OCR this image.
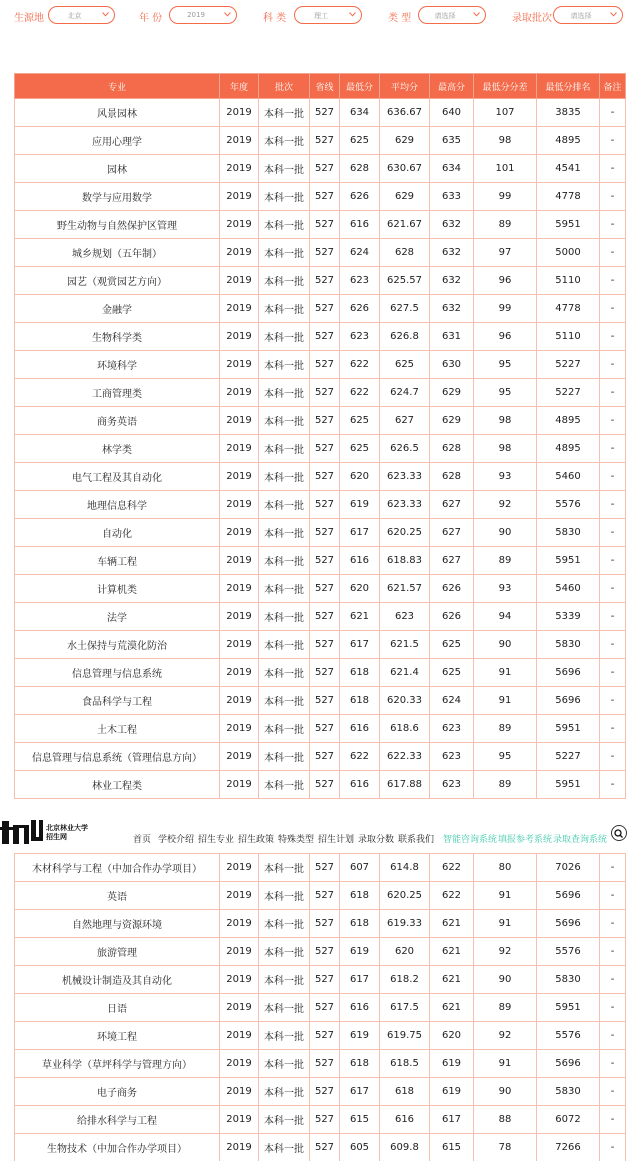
生源地	北京	年 份	2019	科 类	理工	类 型	请选择	录取批次	请选择
专业	年度	批次	省线	最低分	平均分	最高分	最低分分差	最低分排名	备注
风景园林	2019	本科一批	527	634	636.67	640	107	3835	-
应用心理学	2019	本科一批	527	625	629	635	98	4895	-
园林	2019	本科一批	527	628	630.67	634	101	4541	-
数学与应用数学	2019	本科一批	527	626	629	633	99	4778	-
野生动物与自然保护区管理	2019	本科一批	527	616	621.67	632	89	5951	-
城乡规划（五年制）	2019	本科一批	527	624	628	632	97	5000	-
园艺（观赏园艺方向）	2019	本科一批	527	623	625.57	632	96	5110	-
金融学	2019	本科一批	527	626	627.5	632	99	4778	-
生物科学类	2019	本科一批	527	623	626.8	631	96	5110	-
环境科学	2019	本科一批	527	622	625	630	95	5227	-
工商管理类	2019	本科一批	527	622	624.7	629	95	5227	-
商务英语	2019	本科一批	527	625	627	629	98	4895	-
林学类	2019	本科一批	527	625	626.5	628	98	4895	-
电气工程及其自动化	2019	本科一批	527	620	623.33	628	93	5460	-
地理信息科学	2019	本科一批	527	619	623.33	627	92	5576	-
自动化	2019	本科一批	527	617	620.25	627	90	5830	-
车辆工程	2019	本科一批	527	616	618.83	627	89	5951	-
计算机类	2019	本科一批	527	620	621.57	626	93	5460	-
法学	2019	本科一批	527	621	623	626	94	5339	-
水土保持与荒漠化防治	2019	本科一批	527	617	621.5	625	90	5830	-
信息管理与信息系统	2019	本科一批	527	618	621.4	625	91	5696	-
食品科学与工程	2019	本科一批	527	618	620.33	624	91	5696	-
土木工程	2019	本科一批	527	616	618.6	623	89	5951	-
信息管理与信息系统（管理信息方向）	2019	本科一批	527	622	622.33	623	95	5227	-
林业工程类	2019	本科一批	527	616	617.88	623	89	5951	-
木材科学与工程（中加合作办学项目）	2019	本科一批	527	607	614.8	622	80	7026	-
英语	2019	本科一批	527	618	620.25	622	91	5696	-
自然地理与资源环境	2019	本科一批	527	618	619.33	621	91	5696	-
旅游管理	2019	本科一批	527	619	620	621	92	5576	-
机械设计制造及其自动化	2019	本科一批	527	617	618.2	621	90	5830	-
日语	2019	本科一批	527	616	617.5	621	89	5951	-
环境工程	2019	本科一批	527	619	619.75	620	92	5576	-
草业科学（草坪科学与管理方向）	2019	本科一批	527	618	618.5	619	91	5696	-
电子商务	2019	本科一批	527	617	618	619	90	5830	-
给排水科学与工程	2019	本科一批	527	615	616	617	88	6072	-
生物技术（中加合作办学项目）	2019	本科一批	527	605	609.8	615	78	7266	-
北京林业大学
招生网	首页 学校介绍 招生专业 招生政策 特殊类型 招生计划 录取分数 联系我们 智能咨询系统 填报参考系统 录取查询系统
